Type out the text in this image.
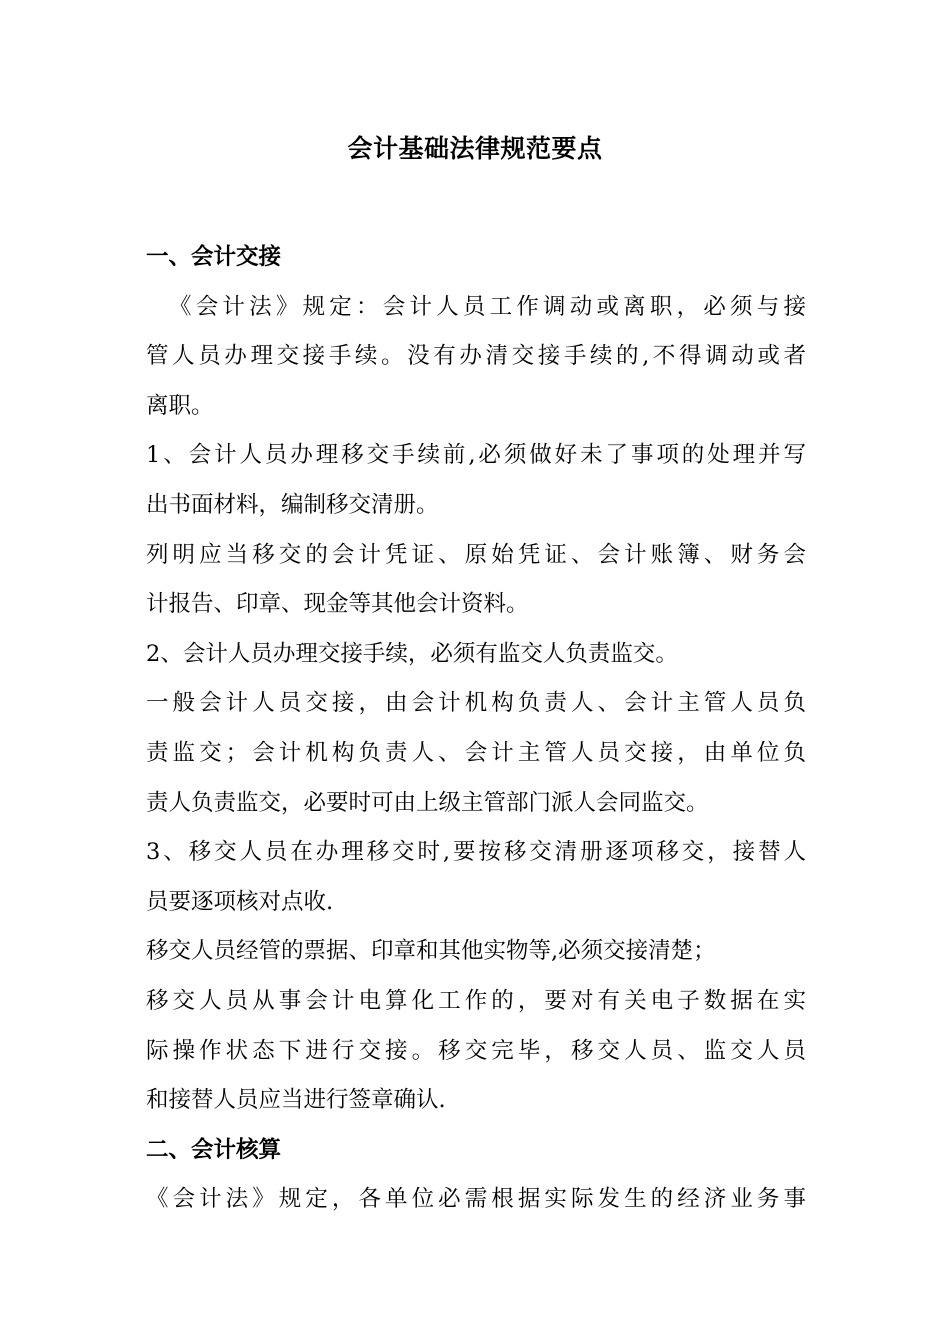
会计基础法律规范要点
一、会计交接
《会计法》规定：会计人员工作调动或离职，必须与接
管人员办理交接手续。没有办清交接手续的,不得调动或者
离职。
1、会计人员办理移交手续前,必须做好未了事项的处理并写
出书面材料，编制移交清册。
列明应当移交的会计凭证、原始凭证、会计账簿、财务会
计报告、印章、现金等其他会计资料。
2、会计人员办理交接手续，必须有监交人负责监交。
一般会计人员交接，由会计机构负责人、会计主管人员负
责监交；会计机构负责人、会计主管人员交接，由单位负
责人负责监交，必要时可由上级主管部门派人会同监交。
3、移交人员在办理移交时,要按移交清册逐项移交，接替人
员要逐项核对点收.
移交人员经管的票据、印章和其他实物等,必须交接清楚；
移交人员从事会计电算化工作的，要对有关电子数据在实
际操作状态下进行交接。移交完毕，移交人员、监交人员
和接替人员应当进行签章确认.
二、会计核算
《会计法》规定，各单位必需根据实际发生的经济业务事
